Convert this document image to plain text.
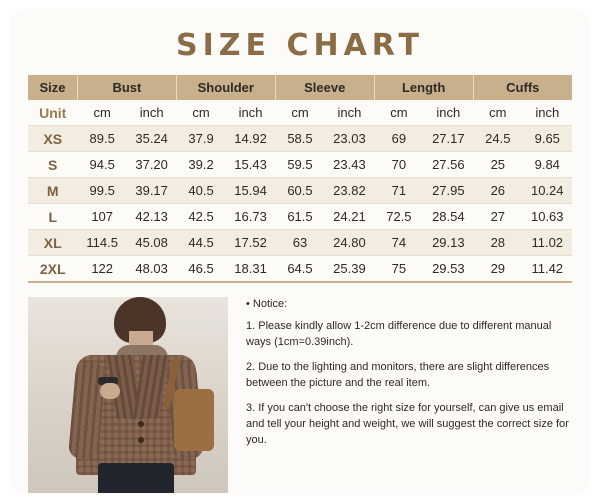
SIZE CHART
Size	Bust		Shoulder		Sleeve		Length		Cuffs	
Unit	cm	inch	cm	inch	cm	inch	cm	inch	cm	inch
XS	89.5	35.24	37.9	14.92	58.5	23.03	69	27.17	24.5	9.65
S	94.5	37.20	39.2	15.43	59.5	23.43	70	27.56	25	9.84
M	99.5	39.17	40.5	15.94	60.5	23.82	71	27.95	26	10.24
L	107	42.13	42.5	16.73	61.5	24.21	72.5	28.54	27	10.63
XL	114.5	45.08	44.5	17.52	63	24.80	74	29.13	28	11.02
2XL	122	48.03	46.5	18.31	64.5	25.39	75	29.53	29	11.42
• Notice:

1. Please kindly allow 1-2cm difference due to different manual ways (1cm=0.39inch).

2. Due to the lighting and monitors, there are slight differences between the picture and the real item.

3. If you can't choose the right size for yourself, can give us email and tell your height and weight, we will suggest the correct size for you.
